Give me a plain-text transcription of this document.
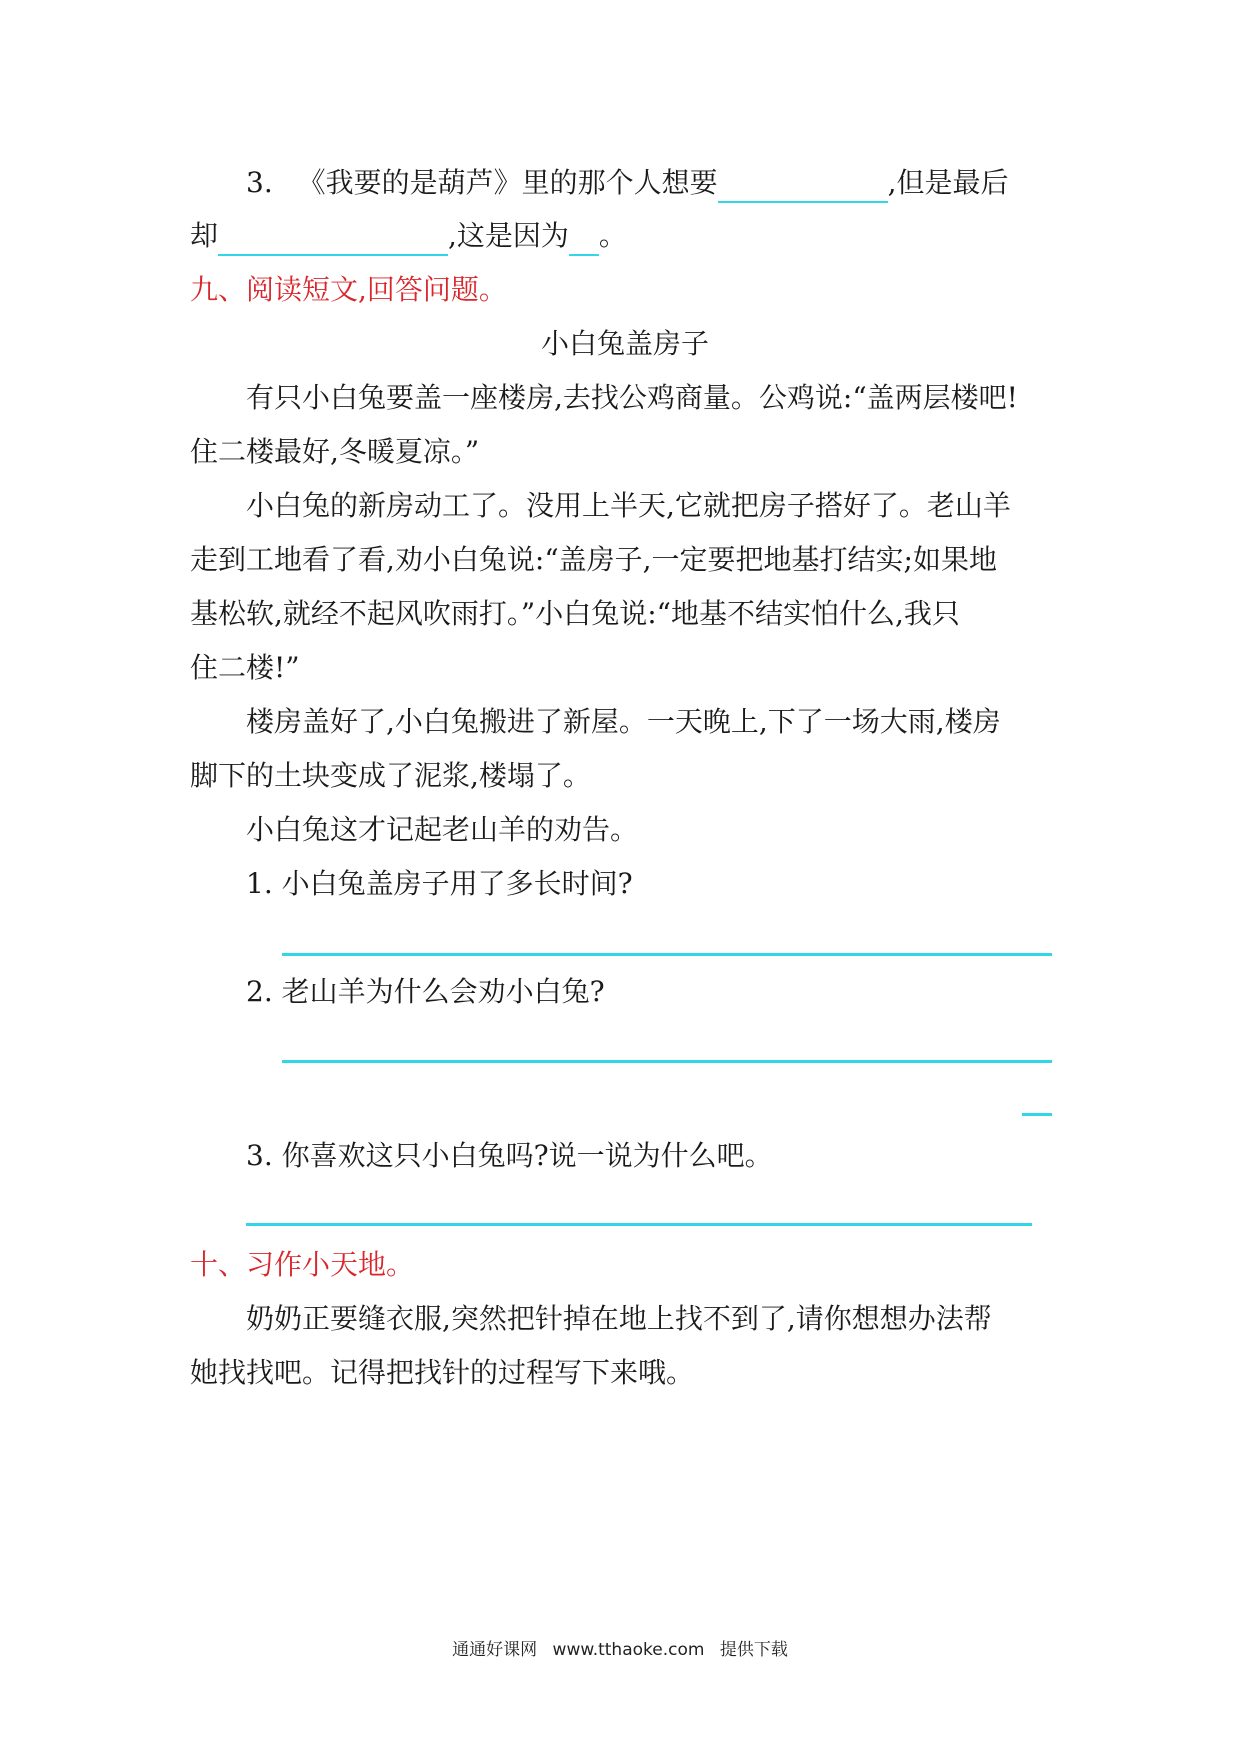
3. 《我要的是葫芦》里的那个人想要	,但是最后
却	,这是因为 。
九、阅读短文,回答问题。
小白兔盖房子
有只小白兔要盖一座楼房,去找公鸡商量。公鸡说:“盖两层楼吧!
住二楼最好,冬暖夏凉。”
小白兔的新房动工了。没用上半天,它就把房子搭好了。老山羊
走到工地看了看,劝小白兔说:“盖房子,一定要把地基打结实;如果地
基松软,就经不起风吹雨打。”小白兔说:“地基不结实怕什么,我只
住二楼!”
楼房盖好了,小白兔搬进了新屋。一天晚上,下了一场大雨,楼房
脚下的土块变成了泥浆,楼塌了。
小白兔这才记起老山羊的劝告。
1. 小白兔盖房子用了多长时间?
2. 老山羊为什么会劝小白兔?
3. 你喜欢这只小白兔吗?说一说为什么吧。
十、习作小天地。
奶奶正要缝衣服,突然把针掉在地上找不到了,请你想想办法帮
她找找吧。记得把找针的过程写下来哦。
通通好课网 www.tthaoke.com 提供下载
